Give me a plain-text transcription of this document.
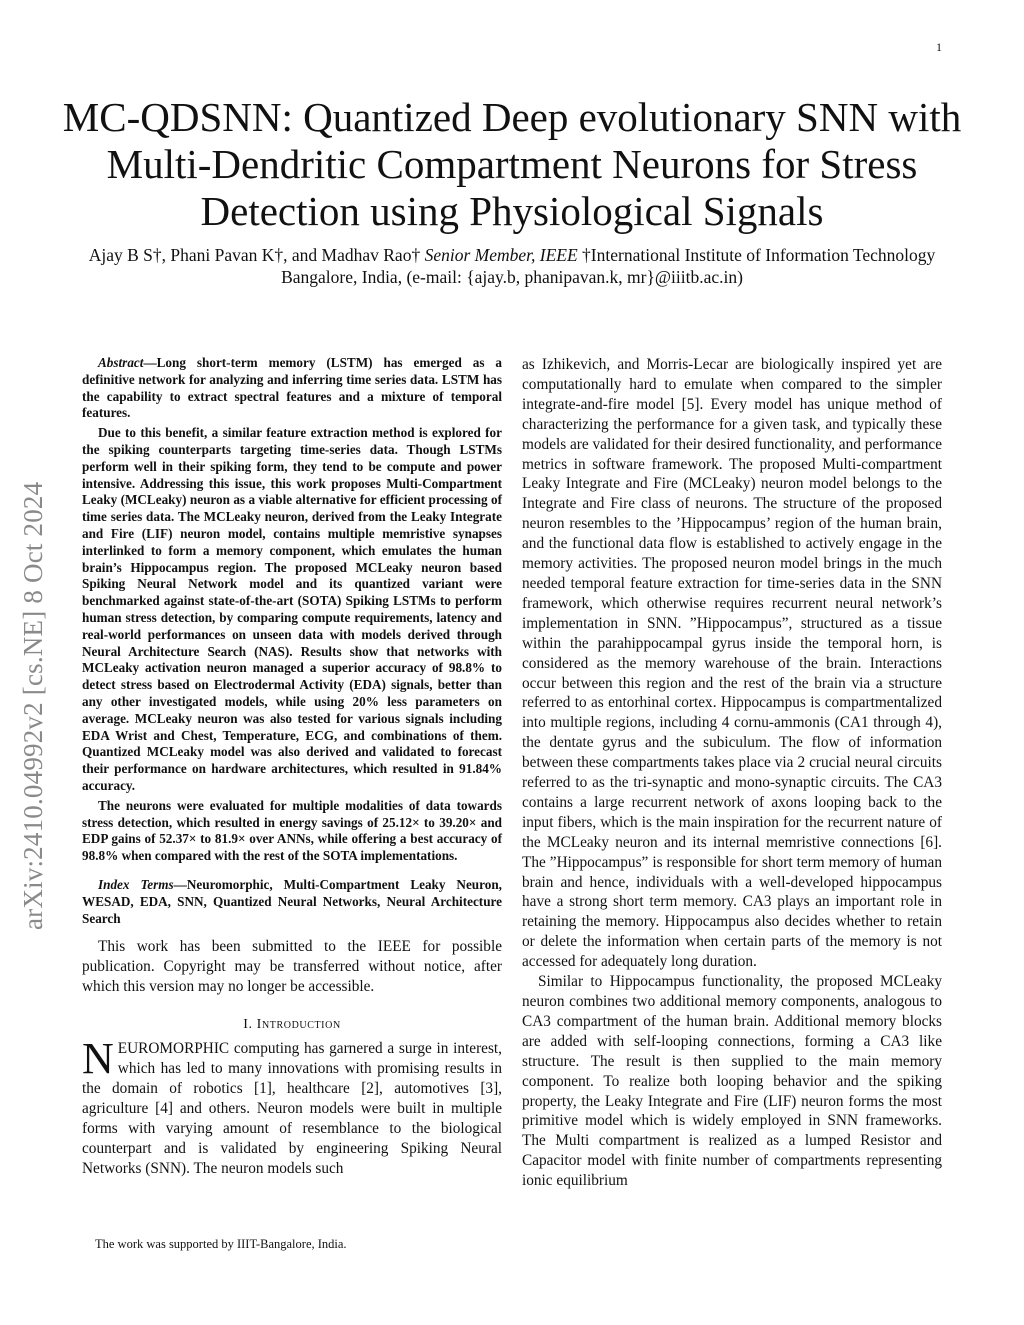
1
arXiv:2410.04992v2 [cs.NE] 8 Oct 2024
MC-QDSNN: Quantized Deep evolutionary SNN with Multi-Dendritic Compartment Neurons for Stress Detection using Physiological Signals
Ajay B S†, Phani Pavan K†, and Madhav Rao† Senior Member, IEEE †International Institute of Information Technology Bangalore, India, (e-mail: {ajay.b, phanipavan.k, mr}@iiitb.ac.in)

Abstract—Long short-term memory (LSTM) has emerged as a definitive network for analyzing and inferring time series data. LSTM has the capability to extract spectral features and a mixture of temporal features.

Due to this benefit, a similar feature extraction method is explored for the spiking counterparts targeting time-series data. Though LSTMs perform well in their spiking form, they tend to be compute and power intensive. Addressing this issue, this work proposes Multi-Compartment Leaky (MCLeaky) neuron as a viable alternative for efficient processing of time series data. The MCLeaky neuron, derived from the Leaky Integrate and Fire (LIF) neuron model, contains multiple memristive synapses interlinked to form a memory component, which emulates the human brain’s Hippocampus region. The proposed MCLeaky neuron based Spiking Neural Network model and its quantized variant were benchmarked against state-of-the-art (SOTA) Spiking LSTMs to perform human stress detection, by comparing compute requirements, latency and real-world performances on unseen data with models derived through Neural Architecture Search (NAS). Results show that networks with MCLeaky activation neuron managed a superior accuracy of 98.8% to detect stress based on Electrodermal Activity (EDA) signals, better than any other investigated models, while using 20% less parameters on average. MCLeaky neuron was also tested for various signals including EDA Wrist and Chest, Temperature, ECG, and combinations of them. Quantized MCLeaky model was also derived and validated to forecast their performance on hardware architectures, which resulted in 91.84% accuracy.

The neurons were evaluated for multiple modalities of data towards stress detection, which resulted in energy savings of 25.12× to 39.20× and EDP gains of 52.37× to 81.9× over ANNs, while offering a best accuracy of 98.8% when compared with the rest of the SOTA implementations.

Index Terms—Neuromorphic, Multi-Compartment Leaky Neuron, WESAD, EDA, SNN, Quantized Neural Networks, Neural Architecture Search

This work has been submitted to the IEEE for possible publication. Copyright may be transferred without notice, after which this version may no longer be accessible.

I. Introduction

NEUROMORPHIC computing has garnered a surge in interest, which has led to many innovations with promising results in the domain of robotics [1], healthcare [2], automotives [3], agriculture [4] and others. Neuron models were built in multiple forms with varying amount of resemblance to the biological counterpart and is validated by engineering Spiking Neural Networks (SNN). The neuron models such

The work was supported by IIIT-Bangalore, India.

as Izhikevich, and Morris-Lecar are biologically inspired yet are computationally hard to emulate when compared to the simpler integrate-and-fire model [5]. Every model has unique method of characterizing the performance for a given task, and typically these models are validated for their desired functionality, and performance metrics in software framework. The proposed Multi-compartment Leaky Integrate and Fire (MCLeaky) neuron model belongs to the Integrate and Fire class of neurons. The structure of the proposed neuron resembles to the ’Hippocampus’ region of the human brain, and the functional data flow is established to actively engage in the memory activities. The proposed neuron model brings in the much needed temporal feature extraction for time-series data in the SNN framework, which otherwise requires recurrent neural network’s implementation in SNN. ”Hippocampus”, structured as a tissue within the parahippocampal gyrus inside the temporal horn, is considered as the memory warehouse of the brain. Interactions occur between this region and the rest of the brain via a structure referred to as entorhinal cortex. Hippocampus is compartmentalized into multiple regions, including 4 cornu-ammonis (CA1 through 4), the dentate gyrus and the subiculum. The flow of information between these compartments takes place via 2 crucial neural circuits referred to as the tri-synaptic and mono-synaptic circuits. The CA3 contains a large recurrent network of axons looping back to the input fibers, which is the main inspiration for the recurrent nature of the MCLeaky neuron and its internal memristive connections [6]. The ”Hippocampus” is responsible for short term memory of human brain and hence, individuals with a well-developed hippocampus have a strong short term memory. CA3 plays an important role in retaining the memory. Hippocampus also decides whether to retain or delete the information when certain parts of the memory is not accessed for adequately long duration.

Similar to Hippocampus functionality, the proposed MCLeaky neuron combines two additional memory components, analogous to CA3 compartment of the human brain. Additional memory blocks are added with self-looping connections, forming a CA3 like structure. The result is then supplied to the main memory component. To realize both looping behavior and the spiking property, the Leaky Integrate and Fire (LIF) neuron forms the most primitive model which is widely employed in SNN frameworks. The Multi compartment is realized as a lumped Resistor and Capacitor model with finite number of compartments representing ionic equilibrium
